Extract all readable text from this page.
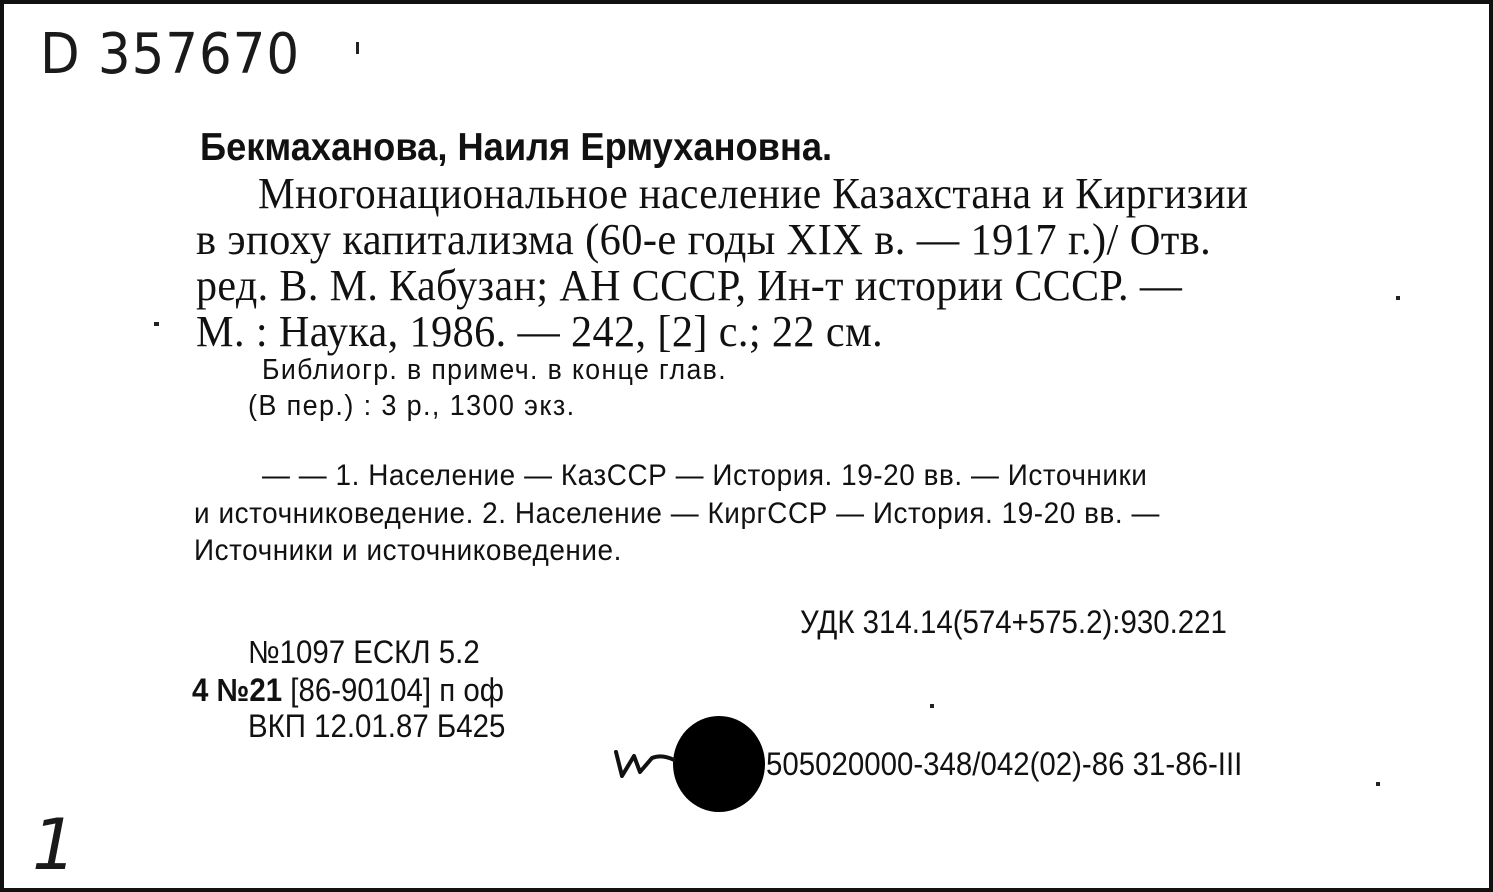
D 357670
Бекмаханова, Наиля Ермухановна.
Многонациональное население Казахстана и Киргизии
в эпоху капитализма (60-е годы XIX в. — 1917 г.)/ Отв.
ред. В. М. Кабузан; АН СССР, Ин-т истории СССР. —
М. : Наука, 1986. — 242, [2] с.; 22 см.
Библиогр. в примеч. в конце глав.
(В пер.) : 3 р., 1300 экз.
— — 1. Население — КазССР — История. 19-20 вв. — Источники
и источниковедение. 2. Население — КиргССР — История. 19-20 вв. —
Источники и источниковедение.
УДК 314.14(574+575.2):930.221
№1097 ЕСКЛ 5.2
4 №21 [86-90104] п оф
ВКП 12.01.87 Б425
505020000-348/042(02)-86 31-86-III
1
